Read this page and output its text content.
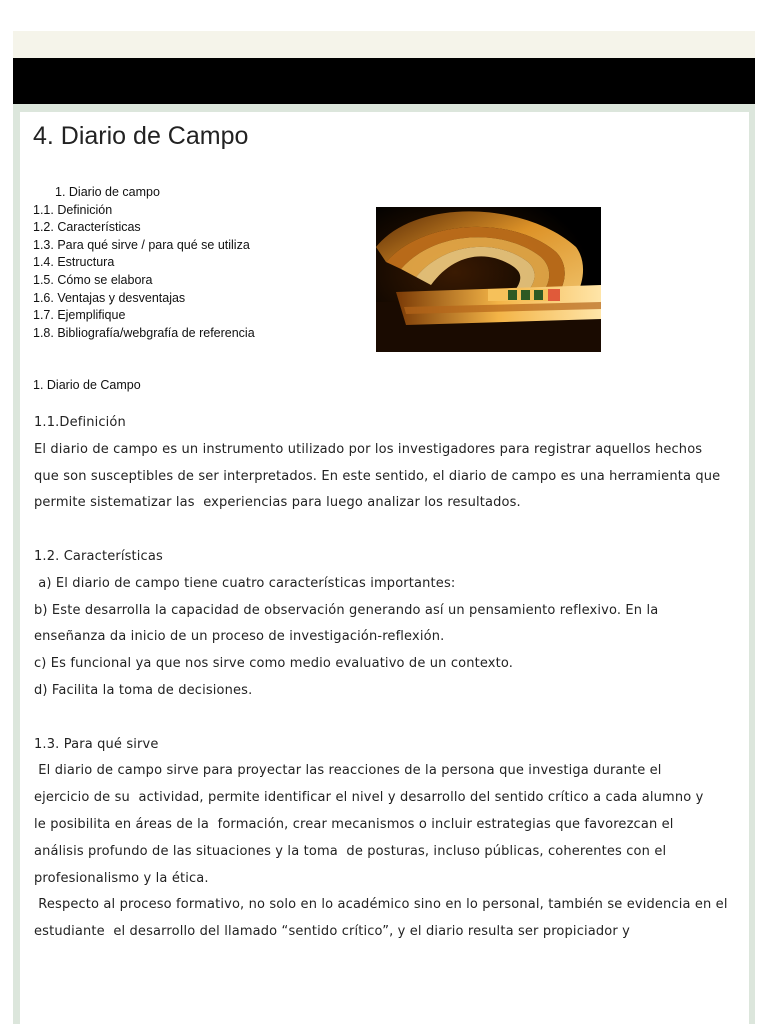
4. Diario de Campo
1. Diario de campo
1.1. Definición
1.2. Características
1.3. Para qué sirve / para qué se utiliza
1.4. Estructura
1.5. Cómo se elabora
1.6. Ventajas y desventajas
1.7. Ejemplifique
1.8. Bibliografía/webgrafía de referencia
1. Diario de Campo

1.1.Definición

El diario de campo es un instrumento utilizado por los investigadores para registrar aquellos hechos

que son susceptibles de ser interpretados. En este sentido, el diario de campo es una herramienta que

permite sistematizar las  experiencias para luego analizar los resultados.

1.2. Características

a) El diario de campo tiene cuatro características importantes:

b) Este desarrolla la capacidad de observación generando así un pensamiento reflexivo. En la

enseñanza da inicio de un proceso de investigación-reflexión.

c) Es funcional ya que nos sirve como medio evaluativo de un contexto.

d) Facilita la toma de decisiones.

1.3. Para qué sirve

El diario de campo sirve para proyectar las reacciones de la persona que investiga durante el

ejercicio de su  actividad, permite identificar el nivel y desarrollo del sentido crítico a cada alumno y

le posibilita en áreas de la  formación, crear mecanismos o incluir estrategias que favorezcan el

análisis profundo de las situaciones y la toma  de posturas, incluso públicas, coherentes con el

profesionalismo y la ética.

Respecto al proceso formativo, no solo en lo académico sino en lo personal, también se evidencia en el

estudiante  el desarrollo del llamado “sentido crítico”, y el diario resulta ser propiciador y
